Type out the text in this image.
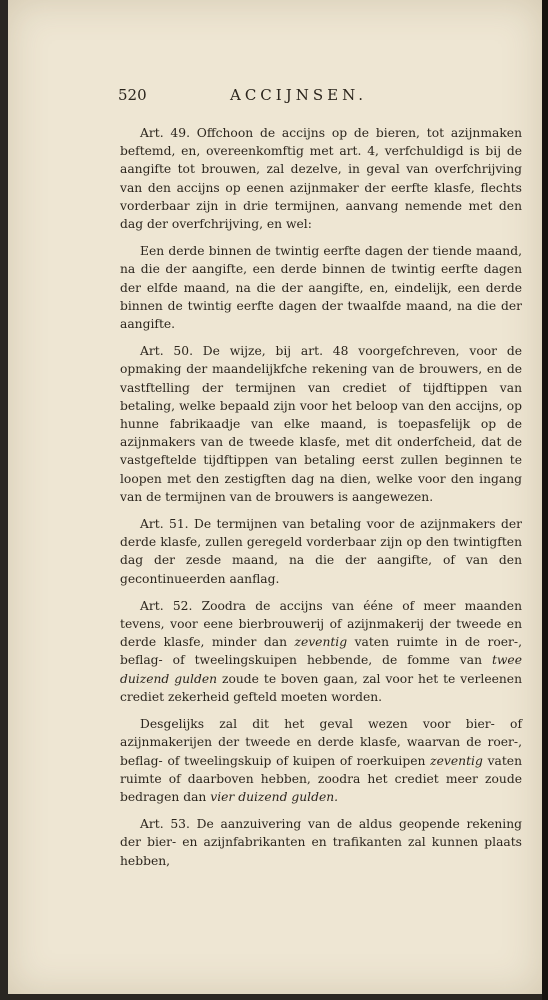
520	ACCIJNSEN.

Art. 49. Offchoon de accijns op de bieren, tot azijnmaken beftemd, en, overeenkomftig met art. 4, verfchuldigd is bij de aangifte tot brouwen, zal dezelve, in geval van overfchrijving van den accijns op eenen azijnmaker der eerfte klasfe, flechts vorderbaar zijn in drie termijnen, aanvang nemende met den dag der overfchrijving, en wel:

Een derde binnen de twintig eerfte dagen der tiende maand, na die der aangifte, een derde binnen de twintig eerfte dagen der elfde maand, na die der aangifte, en, eindelijk, een derde binnen de twintig eerfte dagen der twaalfde maand, na die der aangifte.

Art. 50. De wijze, bij art. 48 voorgefchreven, voor de opmaking der maandelijkfche rekening van de brouwers, en de vastftelling der termijnen van crediet of tijdftippen van betaling, welke bepaald zijn voor het beloop van den accijns, op hunne fabrikaadje van elke maand, is toepasfelijk op de azijnmakers van de tweede klasfe, met dit onderfcheid, dat de vastgeftelde tijdftippen van betaling eerst zullen beginnen te loopen met den zestigften dag na dien, welke voor den ingang van de termijnen van de brouwers is aangewezen.

Art. 51. De termijnen van betaling voor de azijnmakers der derde klasfe, zullen geregeld vorderbaar zijn op den twintigften dag der zesde maand, na die der aangifte, of van den gecontinueerden aanflag.

Art. 52. Zoodra de accijns van ééne of meer maanden tevens, voor eene bierbrouwerij of azijnmakerij der tweede en derde klasfe, minder dan zeventig vaten ruimte in de roer-, beflag- of tweelingskuipen hebbende, de fomme van twee duizend gulden zoude te boven gaan, zal voor het te verleenen crediet zekerheid gefteld moeten worden.

Desgelijks zal dit het geval wezen voor bier- of azijnmakerijen der tweede en derde klasfe, waarvan de roer-, beflag- of tweelingskuip of kuipen of roerkuipen zeventig vaten ruimte of daarboven hebben, zoodra het crediet meer zoude bedragen dan vier duizend gulden.

Art. 53. De aanzuivering van de aldus geopende rekening der bier- en azijnfabrikanten en trafikanten zal kunnen plaats hebben,
